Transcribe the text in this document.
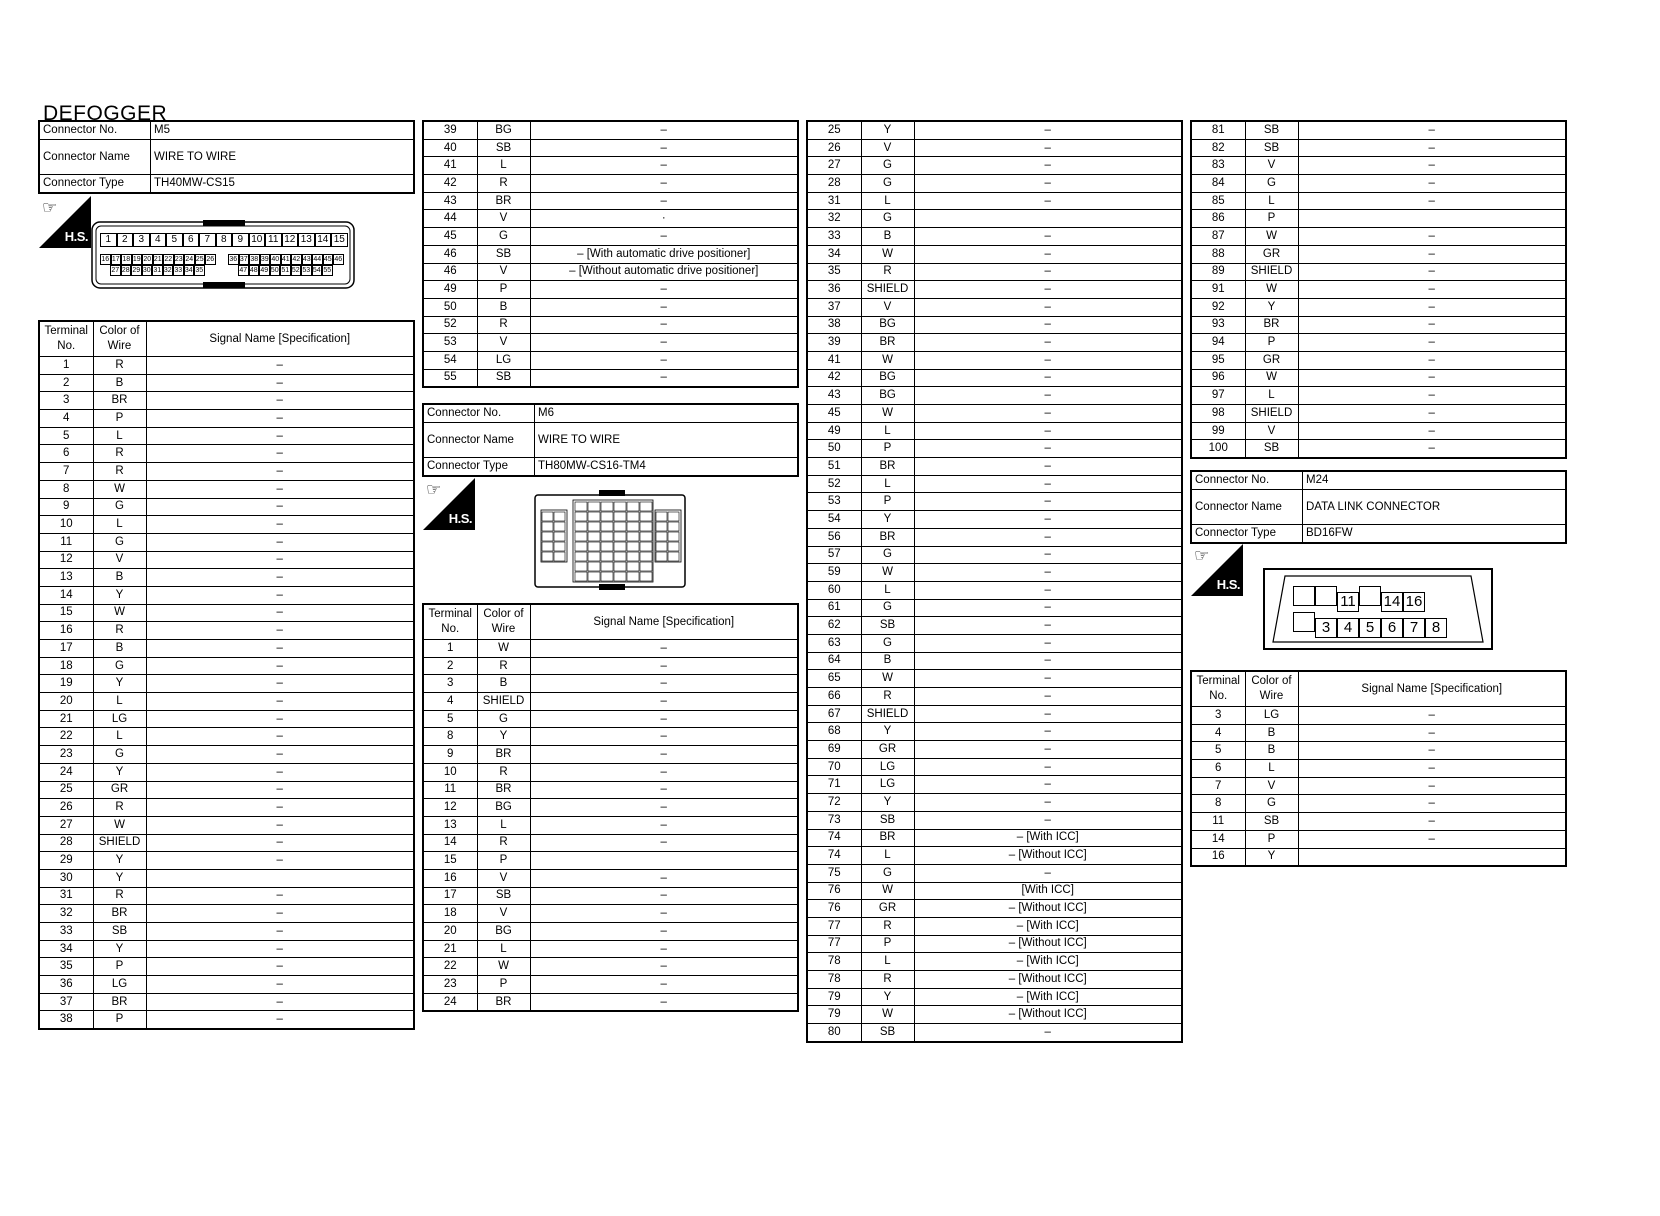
DEFOGGER
Connector No.	M5
Connector Name	WIRE TO WIRE
Connector Type	TH40MW-CS15
☞
H.S.	1 2 3 4 5 6 7 8 9 10 11 12 13 14 15
16 17 18 19 20 21 22 23 24 25 26 36 37 38 39 40 41 42 43 44 45 46
27 28 29 30 31 32 33 34 35	47 48 49 50 51 52 53 54 55
Terminal No.	Color of Wire	Signal Name [Specification]
1	R	–
2	B	–
3	BR	–
4	P	–
5	L	–
6	R	–
7	R	–
8	W	–
9	G	–
10	L	–
11	G	–
12	V	–
13	B	–
14	Y	–
15	W	–
16	R	–
17	B	–
18	G	–
19	Y	–
20	L	–
21	LG	–
22	L	–
23	G	–
24	Y	–
25	GR	–
26	R	–
27	W	–
28	SHIELD	–
29	Y	–
30	Y	
31	R	–
32	BR	–
33	SB	–
34	Y	–
35	P	–
36	LG	–
37	BR	–
38	P	–
39	BG	–
40	SB	–
41	L	–
42	R	–
43	BR	–
44	V	·
45	G	–
46	SB	– [With automatic drive positioner]
46	V	– [Without automatic drive positioner]
49	P	–
50	B	–
52	R	–
53	V	–
54	LG	–
55	SB	–
Connector No.	M6
Connector Name	WIRE TO WIRE
Connector Type	TH80MW-CS16-TM4
☞
H.S.
Terminal No.	Color of Wire	Signal Name [Specification]
1	W	–
2	R	–
3	B	–
4	SHIELD	–
5	G	–
8	Y	–
9	BR	–
10	R	–
11	BR	–
12	BG	–
13	L	–
14	R	–
15	P	
16	V	–
17	SB	–
18	V	–
20	BG	–
21	L	–
22	W	–
23	P	–
24	BR	–
25	Y	–
26	V	–
27	G	–
28	G	–
31	L	–
32	G	
33	B	–
34	W	–
35	R	–
36	SHIELD	–
37	V	–
38	BG	–
39	BR	–
41	W	–
42	BG	–
43	BG	–
45	W	–
49	L	–
50	P	–
51	BR	–
52	L	–
53	P	–
54	Y	–
56	BR	–
57	G	–
59	W	–
60	L	–
61	G	–
62	SB	–
63	G	–
64	B	–
65	W	–
66	R	–
67	SHIELD	–
68	Y	–
69	GR	–
70	LG	–
71	LG	–
72	Y	–
73	SB	–
74	BR	– [With ICC]
74	L	– [Without ICC]
75	G	–
76	W	[With ICC]
76	GR	– [Without ICC]
77	R	– [With ICC]
77	P	– [Without ICC]
78	L	– [With ICC]
78	R	– [Without ICC]
79	Y	– [With ICC]
79	W	– [Without ICC]
80	SB	–
81	SB	–
82	SB	–
83	V	–
84	G	–
85	L	–
86	P	
87	W	–
88	GR	–
89	SHIELD	–
91	W	–
92	Y	–
93	BR	–
94	P	–
95	GR	–
96	W	–
97	L	–
98	SHIELD	–
99	V	–
100	SB	–
Connector No.	M24
Connector Name	DATA LINK CONNECTOR
Connector Type	BD16FW
☞
H.S.
11 14 16
3 4 5 6 7 8
Terminal No.	Color of Wire	Signal Name [Specification]
3	LG	–
4	B	–
5	B	–
6	L	–
7	V	–
8	G	–
11	SB	–
14	P	–
16	Y	
